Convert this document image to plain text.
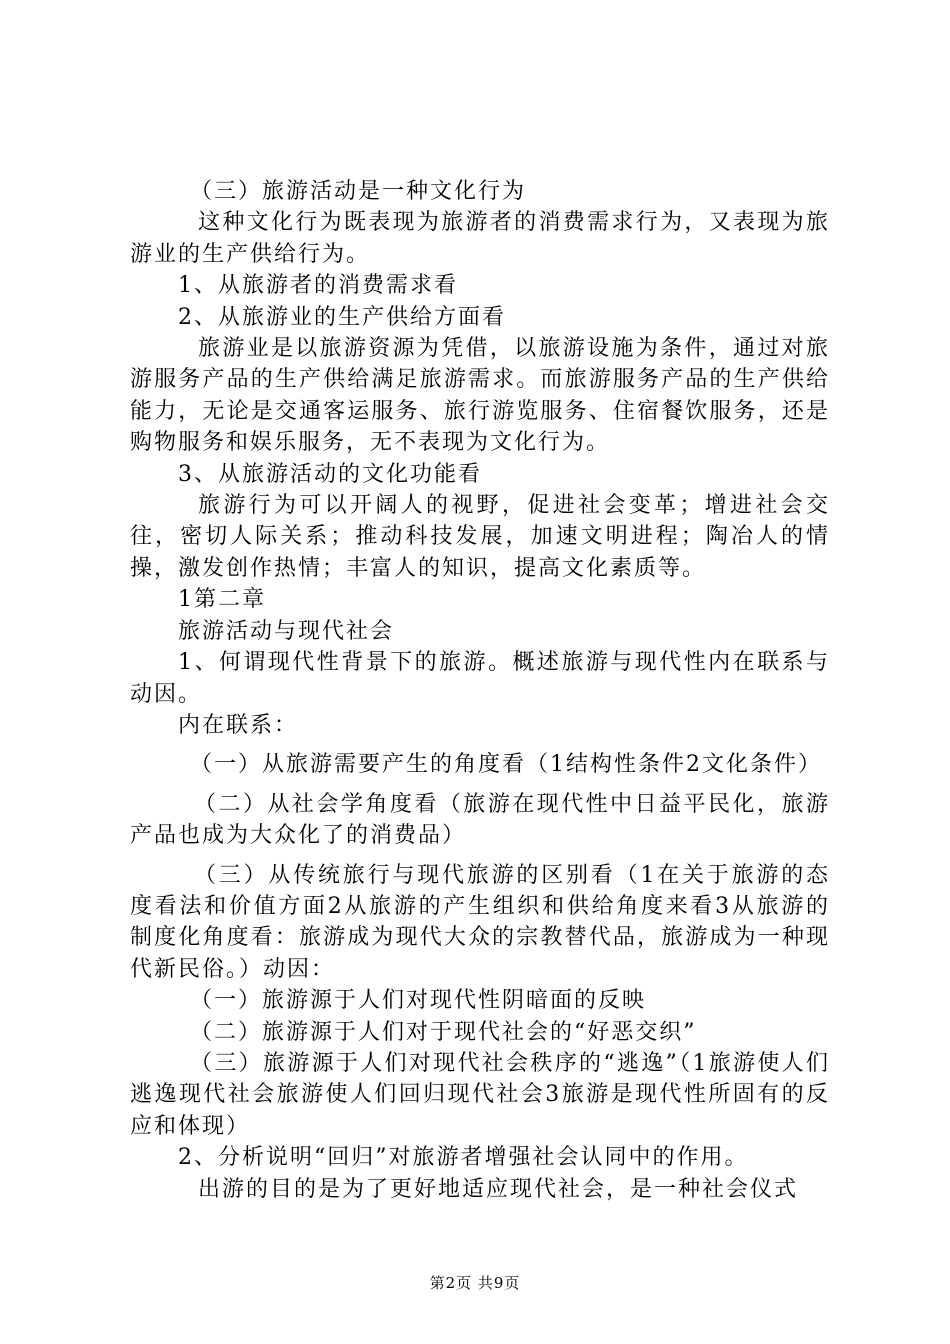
（三）旅游活动是一种文化行为

这种文化行为既表现为旅游者的消费需求行为，又表现为旅游业的生产供给行为。

1、从旅游者的消费需求看

2、从旅游业的生产供给方面看

旅游业是以旅游资源为凭借，以旅游设施为条件，通过对旅游服务产品的生产供给满足旅游需求。而旅游服务产品的生产供给能力，无论是交通客运服务、旅行游览服务、住宿餐饮服务，还是购物服务和娱乐服务，无不表现为文化行为。

3、从旅游活动的文化功能看

旅游行为可以开阔人的视野，促进社会变革；增进社会交往，密切人际关系；推动科技发展，加速文明进程；陶冶人的情操，激发创作热情；丰富人的知识，提高文化素质等。

1第二章

旅游活动与现代社会

1、何谓现代性背景下的旅游。概述旅游与现代性内在联系与动因。

内在联系：

（一）从旅游需要产生的角度看（1结构性条件2文化条件）

（二）从社会学角度看（旅游在现代性中日益平民化，旅游产品也成为大众化了的消费品）

（三）从传统旅行与现代旅游的区别看（1在关于旅游的态度看法和价值方面2从旅游的产生组织和供给角度来看3从旅游的制度化角度看：旅游成为现代大众的宗教替代品，旅游成为一种现代新民俗。）动因：

（一）旅游源于人们对现代性阴暗面的反映

（二）旅游源于人们对于现代社会的“好恶交织”

（三）旅游源于人们对现代社会秩序的“逃逸”（1旅游使人们逃逸现代社会旅游使人们回归现代社会3旅游是现代性所固有的反应和体现）

2、分析说明“回归”对旅游者增强社会认同中的作用。

出游的目的是为了更好地适应现代社会，是一种社会仪式

第2页 共9页
